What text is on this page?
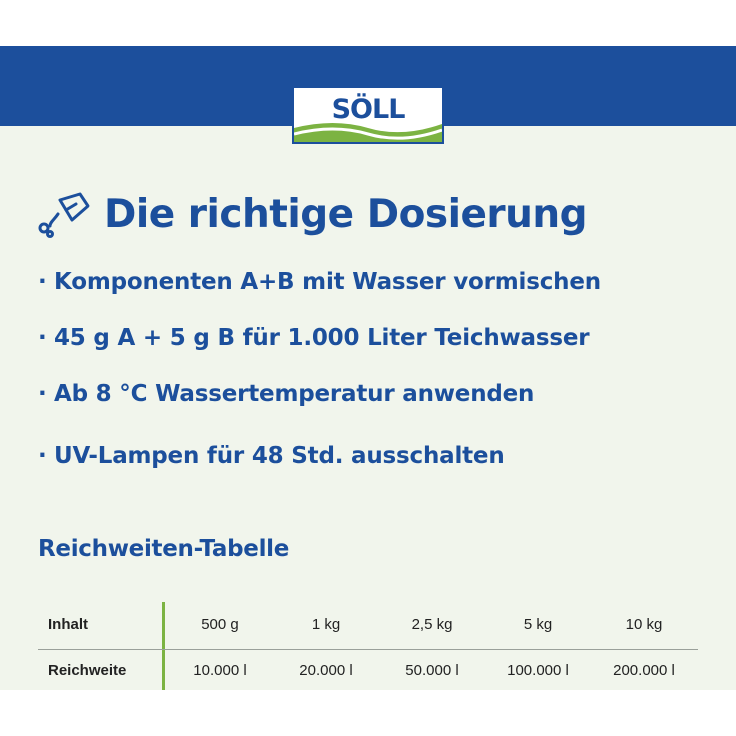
SÖLL
Die richtige Dosierung
· Komponenten A+B mit Wasser vormischen
· 45 g A + 5 g B für 1.000 Liter Teichwasser
· Ab 8 °C Wassertemperatur anwenden
· UV-Lampen für 48 Std. ausschalten
Reichweiten-Tabelle
Inhalt	500 g	1 kg	2,5 kg	5 kg	10 kg
Reichweite	10.000 l	20.000 l	50.000 l	100.000 l	200.000 l
